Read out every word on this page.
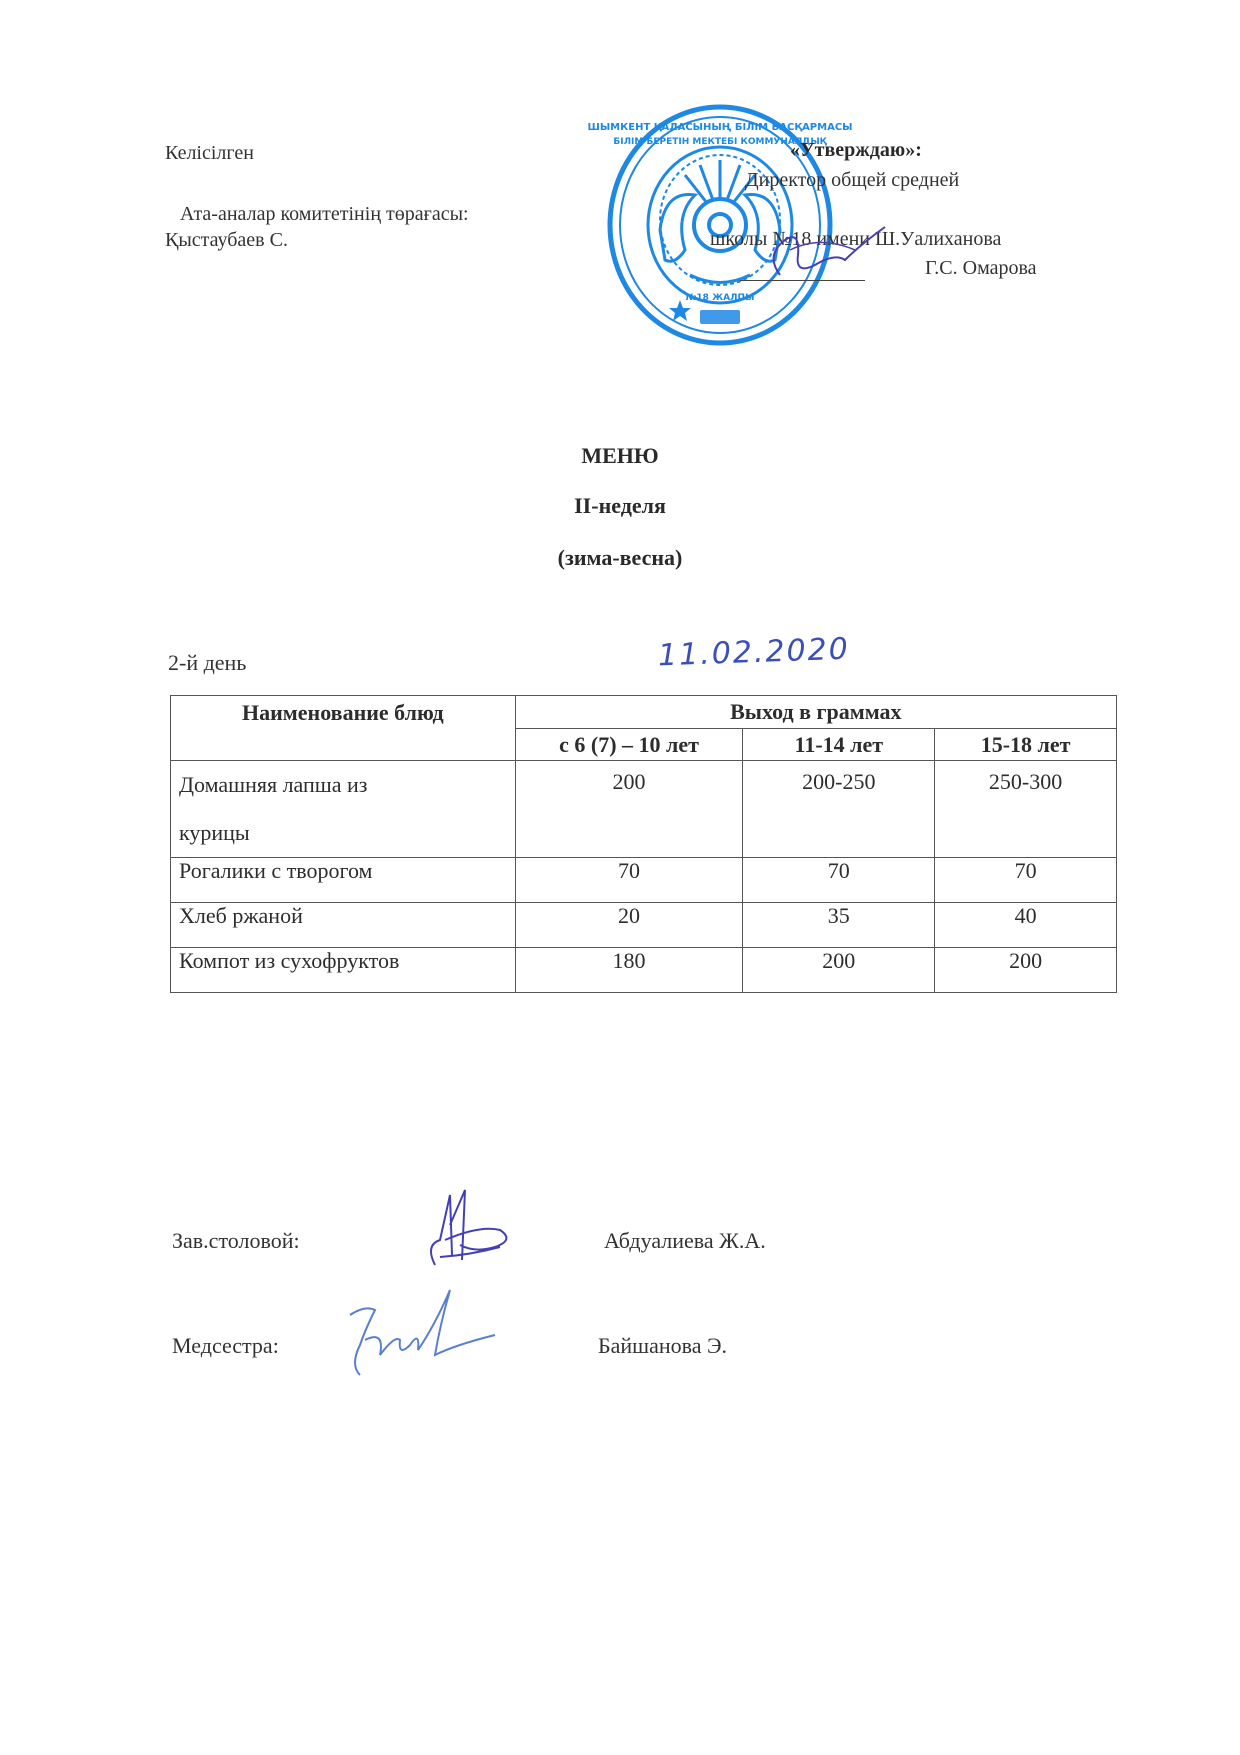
Келісілген
Ата-аналар комитетінің төрағасы:
Қыстаубаев С.
ШЫМКЕНТ ҚАЛАСЫНЫҢ БІЛІМ БАСҚАРМАСЫ
БІЛІМ БЕРЕТІН МЕКТЕБІ КОММУНАЛДЫҚ
№18 ЖАЛПЫ
«Утверждаю»:
Директор общей средней
школы №18 имени Ш.Уалиханова
Г.С. Омарова
МЕНЮ
II-неделя
(зима-весна)
2-й день	11.02.2020
Наименование блюд	Выход в граммах		
	с 6 (7) – 10 лет	11-14 лет	15-18 лет
Домашняя лапша из
курицы	200	200-250	250-300
Рогалики с творогом	70	70	70
Хлеб ржаной	20	35	40
Компот из сухофруктов	180	200	200
Зав.столовой:	Абдуалиева Ж.А.
Медсестра:	Байшанова Э.
